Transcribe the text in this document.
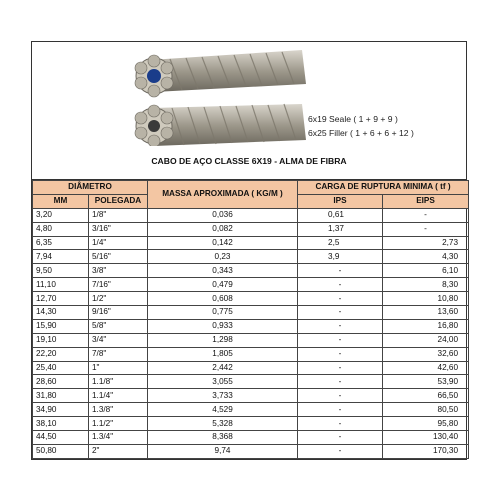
6x19 Seale ( 1 + 9 + 9 )
6x25 Filler ( 1 + 6 + 6 + 12 )
CABO DE AÇO CLASSE 6X19 - ALMA DE FIBRA
DIÂMETRO		MASSA APROXIMADA ( KG/M )	CARGA DE RUPTURA MINIMA ( tf )	
MM	POLEGADA		IPS	EIPS
3,20	1/8"	0,036	0,61	-
4,80	3/16"	0,082	1,37	-
6,35	1/4"	0,142	2,5	2,73
7,94	5/16"	0,23	3,9	4,30
9,50	3/8"	0,343	-	6,10
11,10	7/16"	0,479	-	8,30
12,70	1/2"	0,608	-	10,80
14,30	9/16"	0,775	-	13,60
15,90	5/8"	0,933	-	16,80
19,10	3/4"	1,298	-	24,00
22,20	7/8"	1,805	-	32,60
25,40	1"	2,442	-	42,60
28,60	1.1/8"	3,055	-	53,90
31,80	1.1/4"	3,733	-	66,50
34,90	1.3/8"	4,529	-	80,50
38,10	1.1/2"	5,328	-	95,80
44,50	1.3/4"	8,368	-	130,40
50,80	2"	9,74	-	170,30
